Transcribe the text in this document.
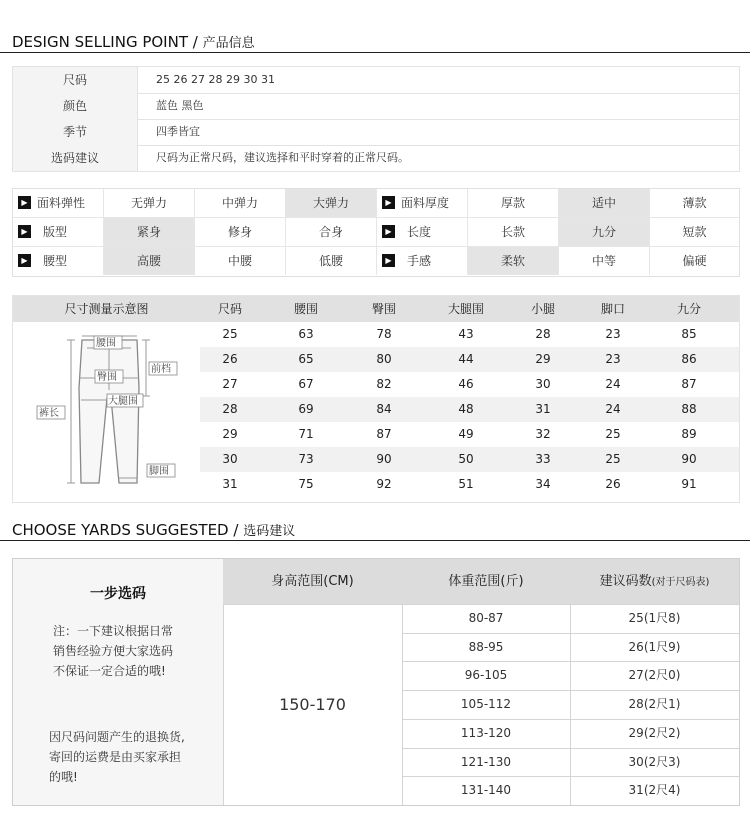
DESIGN SELLING POINT / 产品信息
尺码	25 26 27 28 29 30 31
颜色	蓝色 黑色
季节	四季皆宜
选码建议	尺码为正常尺码，建议选择和平时穿着的正常尺码。
▶ 面料弹性	无弹力	中弹力	大弹力	▶ 面料厚度	厚款	适中	薄款
▶ 版型	紧身	修身	合身	▶ 长度	长款	九分	短款
▶ 腰型	高腰	中腰	低腰	▶ 手感	柔软	中等	偏硬
尺寸测量示意图	尺码	腰围	臀围	大腿围	小腿	脚口	九分
25	63	78	43	28	23	85
26	65	80	44	29	23	86
27	67	82	46	30	24	87
28	69	84	48	31	24	88
29	71	87	49	32	25	89
30	73	90	50	33	25	90
31	75	92	51	34	26	91
腰围
臀围
前档
大腿围
裤长
脚围
CHOOSE YARDS SUGGESTED / 选码建议
一步选码
注：一下建议根据日常
销售经验方便大家选码
不保证一定合适的哦!
因尺码问题产生的退换货,
寄回的运费是由买家承担
的哦!
身高范围(CM)	体重范围(斤)	建议码数(对于尺码表)
150-170
80-87	25(1尺8)
88-95	26(1尺9)
96-105	27(2尺0)
105-112	28(2尺1)
113-120	29(2尺2)
121-130	30(2尺3)
131-140	31(2尺4)
